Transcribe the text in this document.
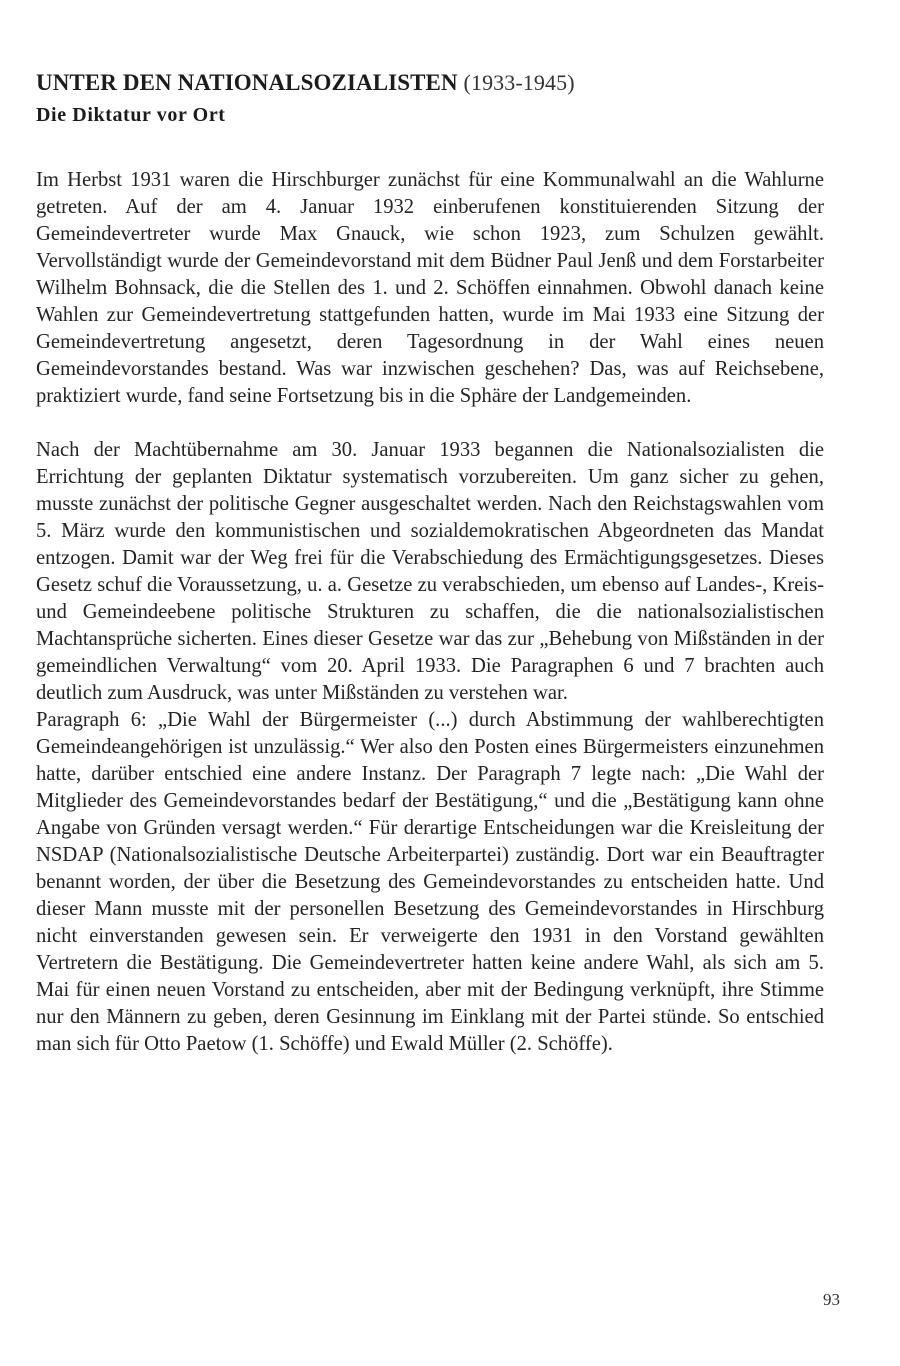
UNTER DEN NATIONALSOZIALISTEN (1933-1945)
Die Diktatur vor Ort

Im Herbst 1931 waren die Hirschburger zunächst für eine Kommunalwahl an die Wahlurne getreten. Auf der am 4. Januar 1932 einberufenen konstituierenden Sitzung der Gemeindevertreter wurde Max Gnauck, wie schon 1923, zum Schulzen gewählt. Vervollständigt wurde der Gemeindevorstand mit dem Büdner Paul Jenß und dem Forstarbeiter Wilhelm Bohnsack, die die Stellen des 1. und 2. Schöffen einnahmen. Obwohl danach keine Wahlen zur Gemeindevertretung stattgefunden hatten, wurde im Mai 1933 eine Sitzung der Gemeindevertretung angesetzt, deren Tagesordnung in der Wahl eines neuen Gemeindevorstandes bestand. Was war inzwischen geschehen? Das, was auf Reichsebene, praktiziert wurde, fand seine Fortsetzung bis in die Sphäre der Landgemeinden.

Nach der Machtübernahme am 30. Januar 1933 begannen die Nationalsozialisten die Errichtung der geplanten Diktatur systematisch vorzubereiten. Um ganz sicher zu gehen, musste zunächst der politische Gegner ausgeschaltet werden. Nach den Reichstagswahlen vom 5. März wurde den kommunistischen und sozialdemokratischen Abgeordneten das Mandat entzogen. Damit war der Weg frei für die Verabschiedung des Ermächtigungsgesetzes. Dieses Gesetz schuf die Voraussetzung, u. a. Gesetze zu verabschieden, um ebenso auf Landes-, Kreis- und Gemeindeebene politische Strukturen zu schaffen, die die nationalsozialistischen Machtansprüche sicherten. Eines dieser Gesetze war das zur „Behebung von Mißständen in der gemeindlichen Verwaltung“ vom 20. April 1933. Die Paragraphen 6 und 7 brachten auch deutlich zum Ausdruck, was unter Mißständen zu verstehen war.

Paragraph 6: „Die Wahl der Bürgermeister (...) durch Abstimmung der wahlberechtigten Gemeindeangehörigen ist unzulässig.“ Wer also den Posten eines Bürgermeisters einzunehmen hatte, darüber entschied eine andere Instanz. Der Paragraph 7 legte nach: „Die Wahl der Mitglieder des Gemeindevorstandes bedarf der Bestätigung,“ und die „Bestätigung kann ohne Angabe von Gründen versagt werden.“ Für derartige Entscheidungen war die Kreisleitung der NSDAP (Nationalsozialistische Deutsche Arbeiterpartei) zuständig. Dort war ein Beauftragter benannt worden, der über die Besetzung des Gemeindevorstandes zu entscheiden hatte. Und dieser Mann musste mit der personellen Besetzung des Gemeindevorstandes in Hirschburg nicht einverstanden gewesen sein. Er verweigerte den 1931 in den Vorstand gewählten Vertretern die Bestätigung. Die Gemeindevertreter hatten keine andere Wahl, als sich am 5. Mai für einen neuen Vorstand zu entscheiden, aber mit der Bedingung verknüpft, ihre Stimme nur den Männern zu geben, deren Gesinnung im Einklang mit der Partei stünde. So entschied man sich für Otto Paetow (1. Schöffe) und Ewald Müller (2. Schöffe).

93
